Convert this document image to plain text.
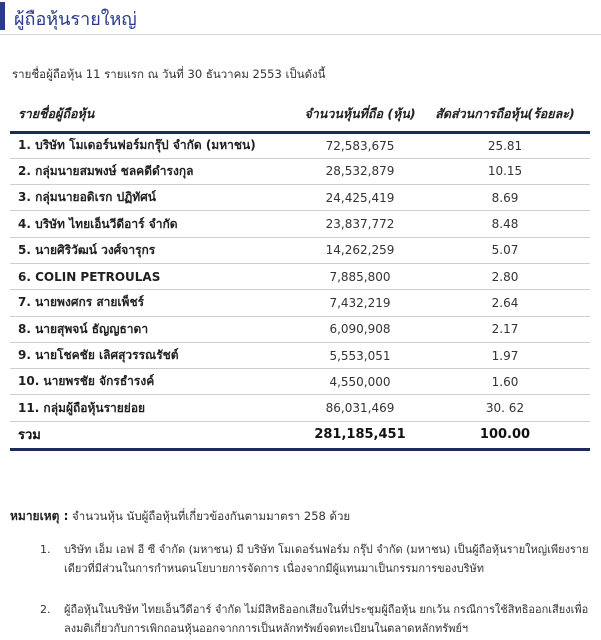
ผู้ถือหุ้นรายใหญ่
รายชื่อผู้ถือหุ้น 11 รายแรก ณ วันที่ 30 ธันวาคม 2553 เป็นดังนี้
รายชื่อผู้ถือหุ้น	จำนวนหุ้นที่ถือ (หุ้น)	สัดส่วนการถือหุ้น(ร้อยละ)
1. บริษัท โมเดอร์นฟอร์มกรุ๊ป จำกัด (มหาชน)	72,583,675	25.81
2. กลุ่มนายสมพงษ์ ชลคดีดำรงกุล	28,532,879	10.15
3. กลุ่มนายอดิเรก ปฏิทัศน์	24,425,419	8.69
4. บริษัท ไทยเอ็นวีดีอาร์ จำกัด	23,837,772	8.48
5. นายศิริวัฒน์ วงศ์จารุกร	14,262,259	5.07
6. COLIN PETROULAS	7,885,800	2.80
7. นายพงศกร สายเพ็ชร์	7,432,219	2.64
8. นายสุพจน์ ธัญญธาดา	6,090,908	2.17
9. นายโชคชัย เลิศสุวรรณรัชต์	5,553,051	1.97
10. นายพรชัย จักรธำรงค์	4,550,000	1.60
11. กลุ่มผู้ถือหุ้นรายย่อย	86,031,469	30. 62
รวม	281,185,451	100.00
หมายเหตุ : จำนวนหุ้น นับผู้ถือหุ้นที่เกี่ยวข้องกันตามมาตรา 258 ด้วย
1.	บริษัท เอ็ม เอฟ อี ซี จำกัด (มหาชน) มี บริษัท โมเดอร์นฟอร์ม กรุ๊ป จำกัด (มหาชน) เป็นผู้ถือหุ้นรายใหญ่เพียงรายเดียวที่มีส่วนในการกำหนดนโยบายการจัดการ เนื่องจากมีผู้แทนมาเป็นกรรมการของบริษัท
2.	ผู้ถือหุ้นในบริษัท ไทยเอ็นวีดีอาร์ จำกัด ไม่มีสิทธิออกเสียงในที่ประชุมผู้ถือหุ้น ยกเว้น กรณีการใช้สิทธิออกเสียงเพื่อลงมติเกี่ยวกับการเพิกถอนหุ้นออกจากการเป็นหลักทรัพย์จดทะเบียนในตลาดหลักทรัพย์ฯ
